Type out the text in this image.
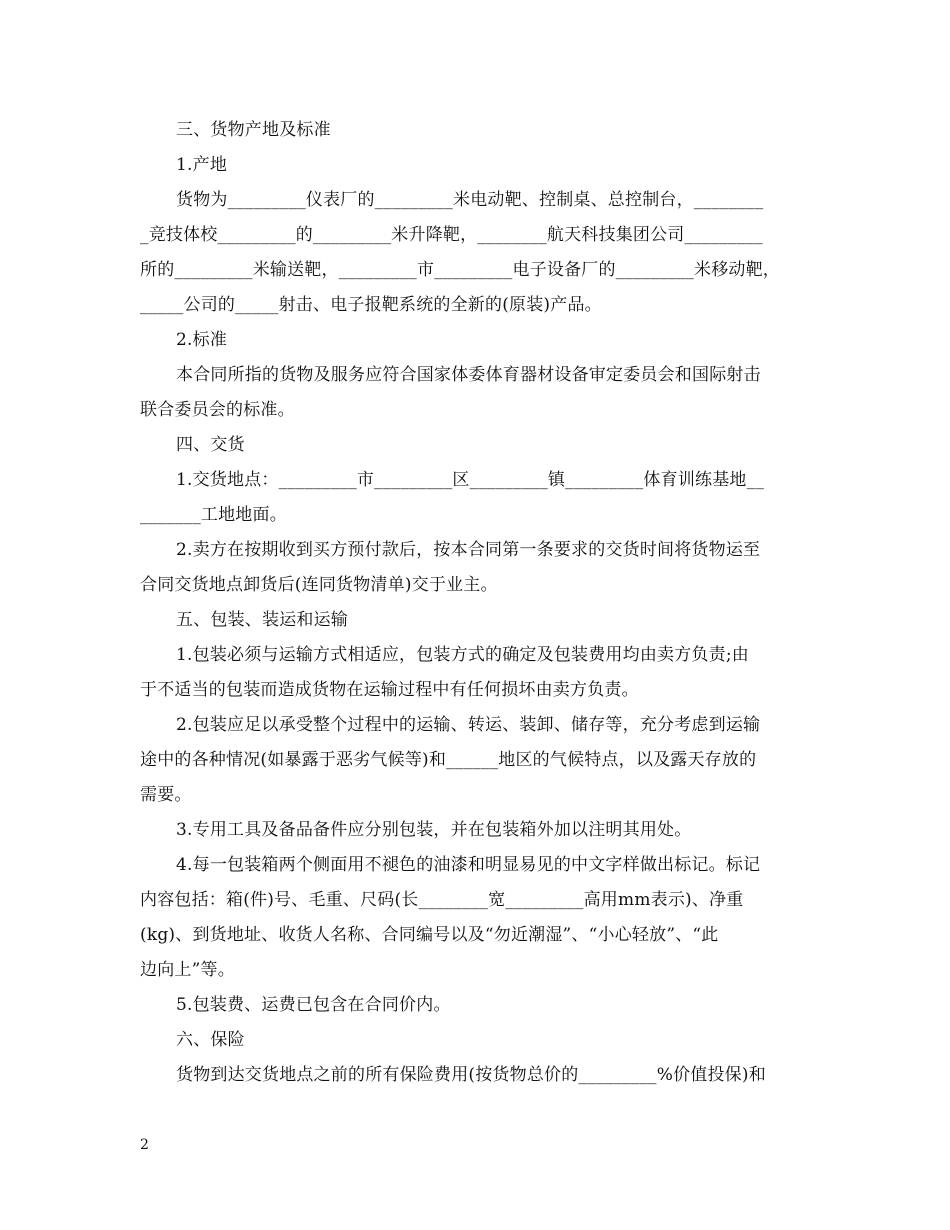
三、货物产地及标准
1.产地
货物为_________仪表厂的_________米电动靶、控制桌、总控制台，________
_竞技体校_________的_________米升降靶，________航天科技集团公司_________
所的_________米输送靶，_________市_________电子设备厂的_________米移动靶，
_____公司的_____射击、电子报靶系统的全新的(原装)产品。
2.标准
本合同所指的货物及服务应符合国家体委体育器材设备审定委员会和国际射击
联合委员会的标准。
四、交货
1.交货地点：_________市_________区_________镇_________体育训练基地__
_______工地地面。
2.卖方在按期收到买方预付款后，按本合同第一条要求的交货时间将货物运至
合同交货地点卸货后(连同货物清单)交于业主。
五、包装、装运和运输
1.包装必须与运输方式相适应，包装方式的确定及包装费用均由卖方负责;由
于不适当的包装而造成货物在运输过程中有任何损坏由卖方负责。
2.包装应足以承受整个过程中的运输、转运、装卸、储存等，充分考虑到运输
途中的各种情况(如暴露于恶劣气候等)和______地区的气候特点，以及露天存放的
需要。
3.专用工具及备品备件应分别包装，并在包装箱外加以注明其用处。
4.每一包装箱两个侧面用不褪色的油漆和明显易见的中文字样做出标记。标记
内容包括：箱(件)号、毛重、尺码(长________宽_________高用mm表示)、净重
(kg)、到货地址、收货人名称、合同编号以及“勿近潮湿”、“小心轻放”、“此
边向上”等。
5.包装费、运费已包含在合同价内。
六、保险
货物到达交货地点之前的所有保险费用(按货物总价的_________%价值投保)和
2
